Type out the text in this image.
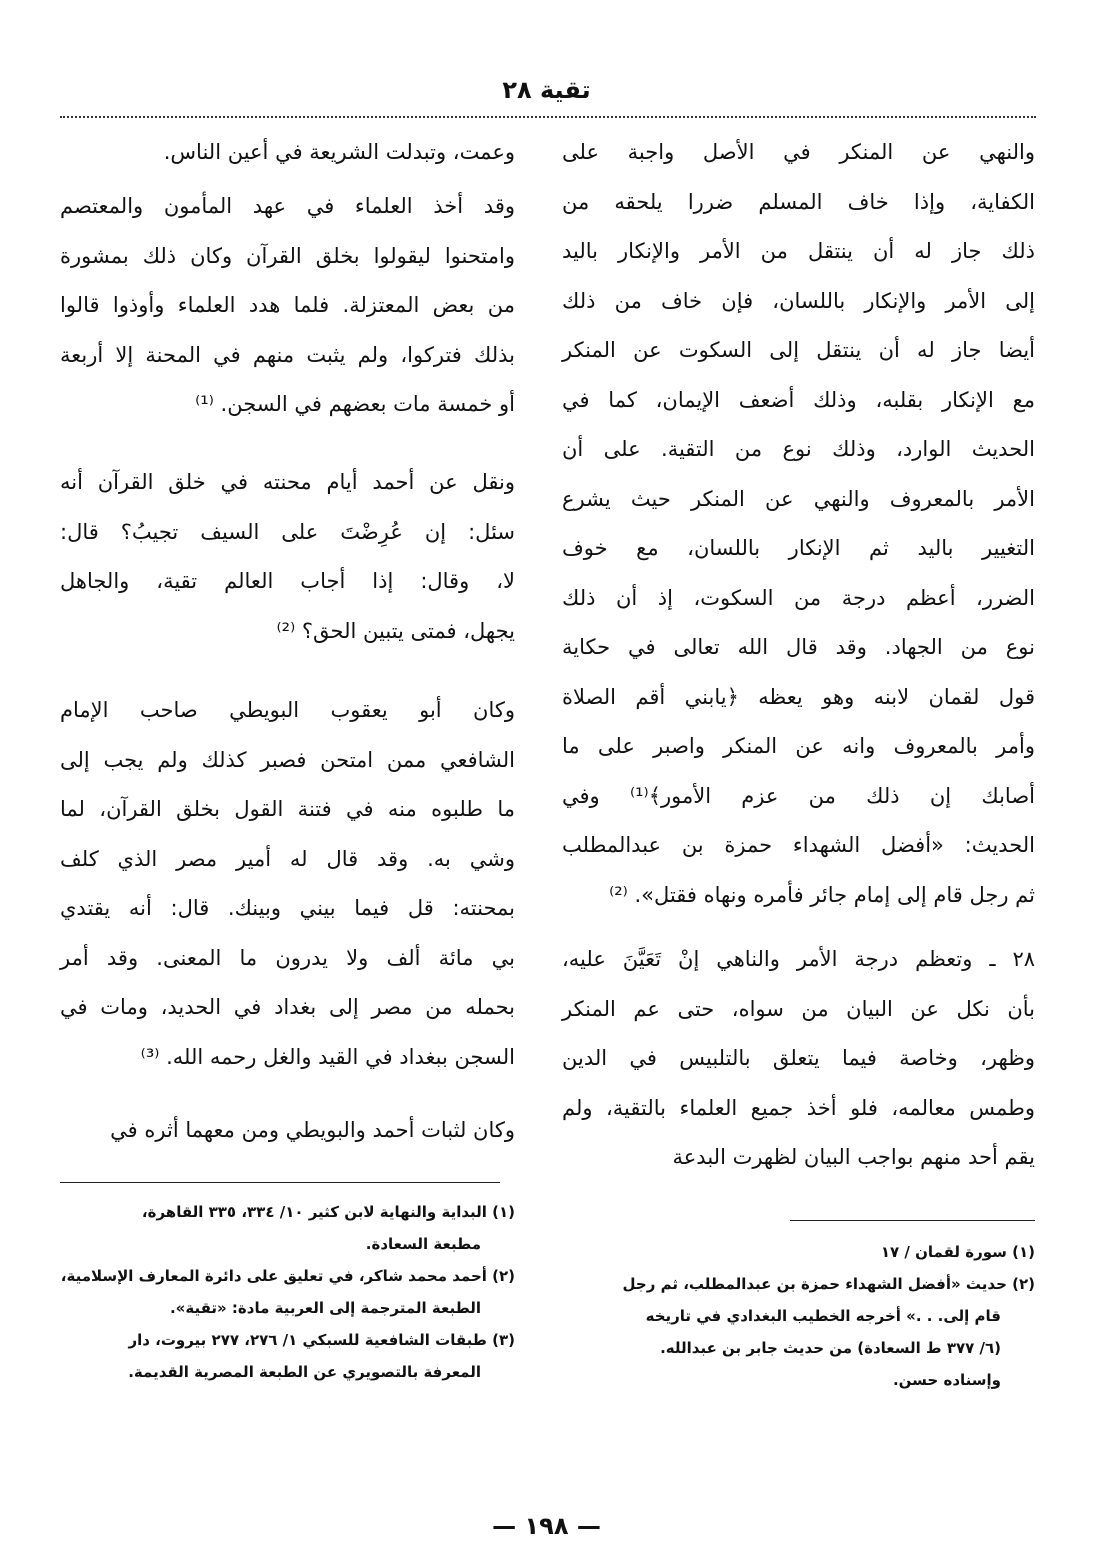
تقية ٢٨
والنهي عن المنكر في الأصل واجبة على
الكفاية، وإذا خاف المسلم ضررا يلحقه من
ذلك جاز له أن ينتقل من الأمر والإنكار باليد
إلى الأمر والإنكار باللسان، فإن خاف من ذلك
أيضا جاز له أن ينتقل إلى السكوت عن المنكر
مع الإنكار بقلبه، وذلك أضعف الإيمان، كما في
الحديث الوارد، وذلك نوع من التقية. على أن
الأمر بالمعروف والنهي عن المنكر حيث يشرع
التغيير باليد ثم الإنكار باللسان، مع خوف
الضرر، أعظم درجة من السكوت، إذ أن ذلك
نوع من الجهاد. وقد قال الله تعالى في حكاية
قول لقمان لابنه وهو يعظه ﴿يابني أقم الصلاة
وأمر بالمعروف وانه عن المنكر واصبر على ما
أصابك إن ذلك من عزم الأمور﴾⁽¹⁾ وفي
الحديث: «أفضل الشهداء حمزة بن عبدالمطلب
ثم رجل قام إلى إمام جائر فأمره ونهاه فقتل». ⁽²⁾
٢٨ ـ وتعظم درجة الأمر والناهي إنْ تَعَيَّنَ عليه،
بأن نكل عن البيان من سواه، حتى عم المنكر
وظهر، وخاصة فيما يتعلق بالتلبيس في الدين
وطمس معالمه، فلو أخذ جميع العلماء بالتقية، ولم
يقم أحد منهم بواجب البيان لظهرت البدعة
(١) سورة لقمان / ١٧
(٢) حديث «أفضل الشهداء حمزة بن عبدالمطلب، ثم رجل
قام إلى. . .» أخرجه الخطيب البغدادي في تاريخه
(٦/ ٣٧٧ ط السعادة) من حديث جابر بن عبدالله.
وإسناده حسن.
وعمت، وتبدلت الشريعة في أعين الناس.
وقد أخذ العلماء في عهد المأمون والمعتصم
وامتحنوا ليقولوا بخلق القرآن وكان ذلك بمشورة
من بعض المعتزلة. فلما هدد العلماء وأوذوا قالوا
بذلك فتركوا، ولم يثبت منهم في المحنة إلا أربعة
أو خمسة مات بعضهم في السجن. ⁽¹⁾
ونقل عن أحمد أيام محنته في خلق القرآن أنه
سئل: إن عُرِضْتَ على السيف تجيبُ؟ قال:
لا، وقال: إذا أجاب العالم تقية، والجاهل
يجهل، فمتى يتبين الحق؟ ⁽²⁾
وكان أبو يعقوب البويطي صاحب الإمام
الشافعي ممن امتحن فصبر كذلك ولم يجب إلى
ما طلبوه منه في فتنة القول بخلق القرآن، لما
وشي به. وقد قال له أمير مصر الذي كلف
بمحنته: قل فيما بيني وبينك. قال: أنه يقتدي
بي مائة ألف ولا يدرون ما المعنى. وقد أمر
بحمله من مصر إلى بغداد في الحديد، ومات في
السجن ببغداد في القيد والغل رحمه الله. ⁽³⁾
وكان لثبات أحمد والبويطي ومن معهما أثره في
(١) البداية والنهاية لابن كثير ١٠/ ٣٣٤، ٣٣٥ القاهرة،
مطبعة السعادة.
(٢) أحمد محمد شاكر، في تعليق على دائرة المعارف الإسلامية،
الطبعة المترجمة إلى العربية مادة: «تقية».
(٣) طبقات الشافعية للسبكي ١/ ٢٧٦، ٢٧٧ بيروت، دار
المعرفة بالتصويري عن الطبعة المصرية القديمة.
— ١٩٨ —
